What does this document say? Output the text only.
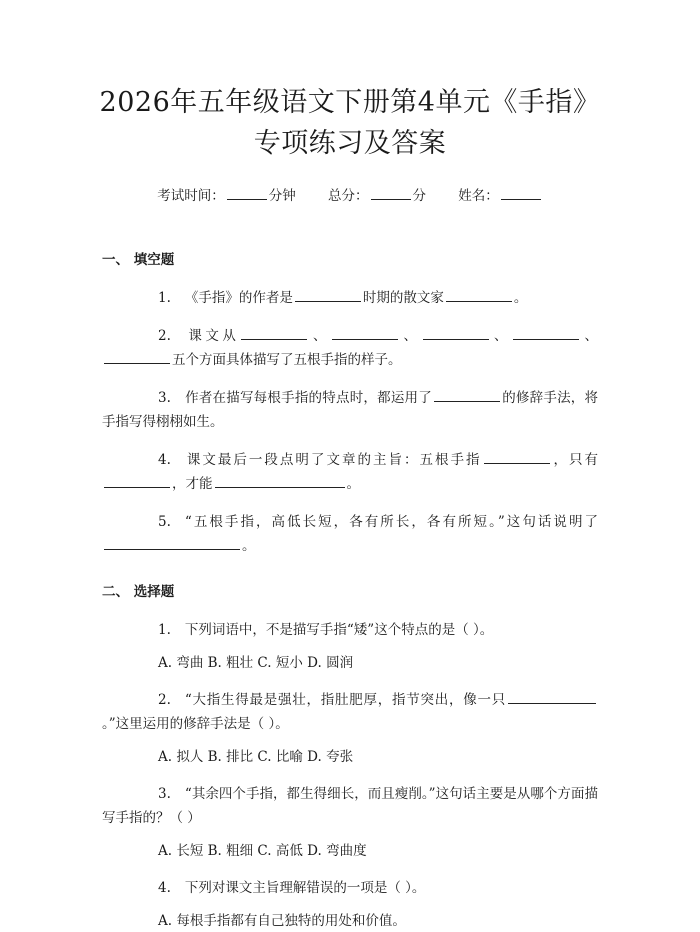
2026年五年级语文下册第4单元《手指》专项练习及答案
考试时间：	分钟 总分：	分 姓名：
一、 填空题
1. 《手指》的作者是	时期的散文家	。
2. 课文从	、	、	、	、五个方面具体描写了五根手指的样子。
3. 作者在描写每根手指的特点时，都运用了	的修辞手法，将手指写得栩栩如生。
4. 课文最后一段点明了文章的主旨：五根手指	，只有，才能	。
5. “五根手指，高低长短，各有所长，各有所短。”这句话说明了。
二、 选择题
1. 下列词语中，不是描写手指“矮”这个特点的是（ ）。
A. 弯曲 B. 粗壮 C. 短小 D. 圆润
2. “大指生得最是强壮，指肚肥厚，指节突出，像一只。”这里运用的修辞手法是（ ）。
A. 拟人 B. 排比 C. 比喻 D. 夸张
3. “其余四个手指，都生得细长，而且瘦削。”这句话主要是从哪个方面描写手指的？（ ）
A. 长短 B. 粗细 C. 高低 D. 弯曲度
4. 下列对课文主旨理解错误的一项是（ ）。
A. 每根手指都有自己独特的用处和价值。
